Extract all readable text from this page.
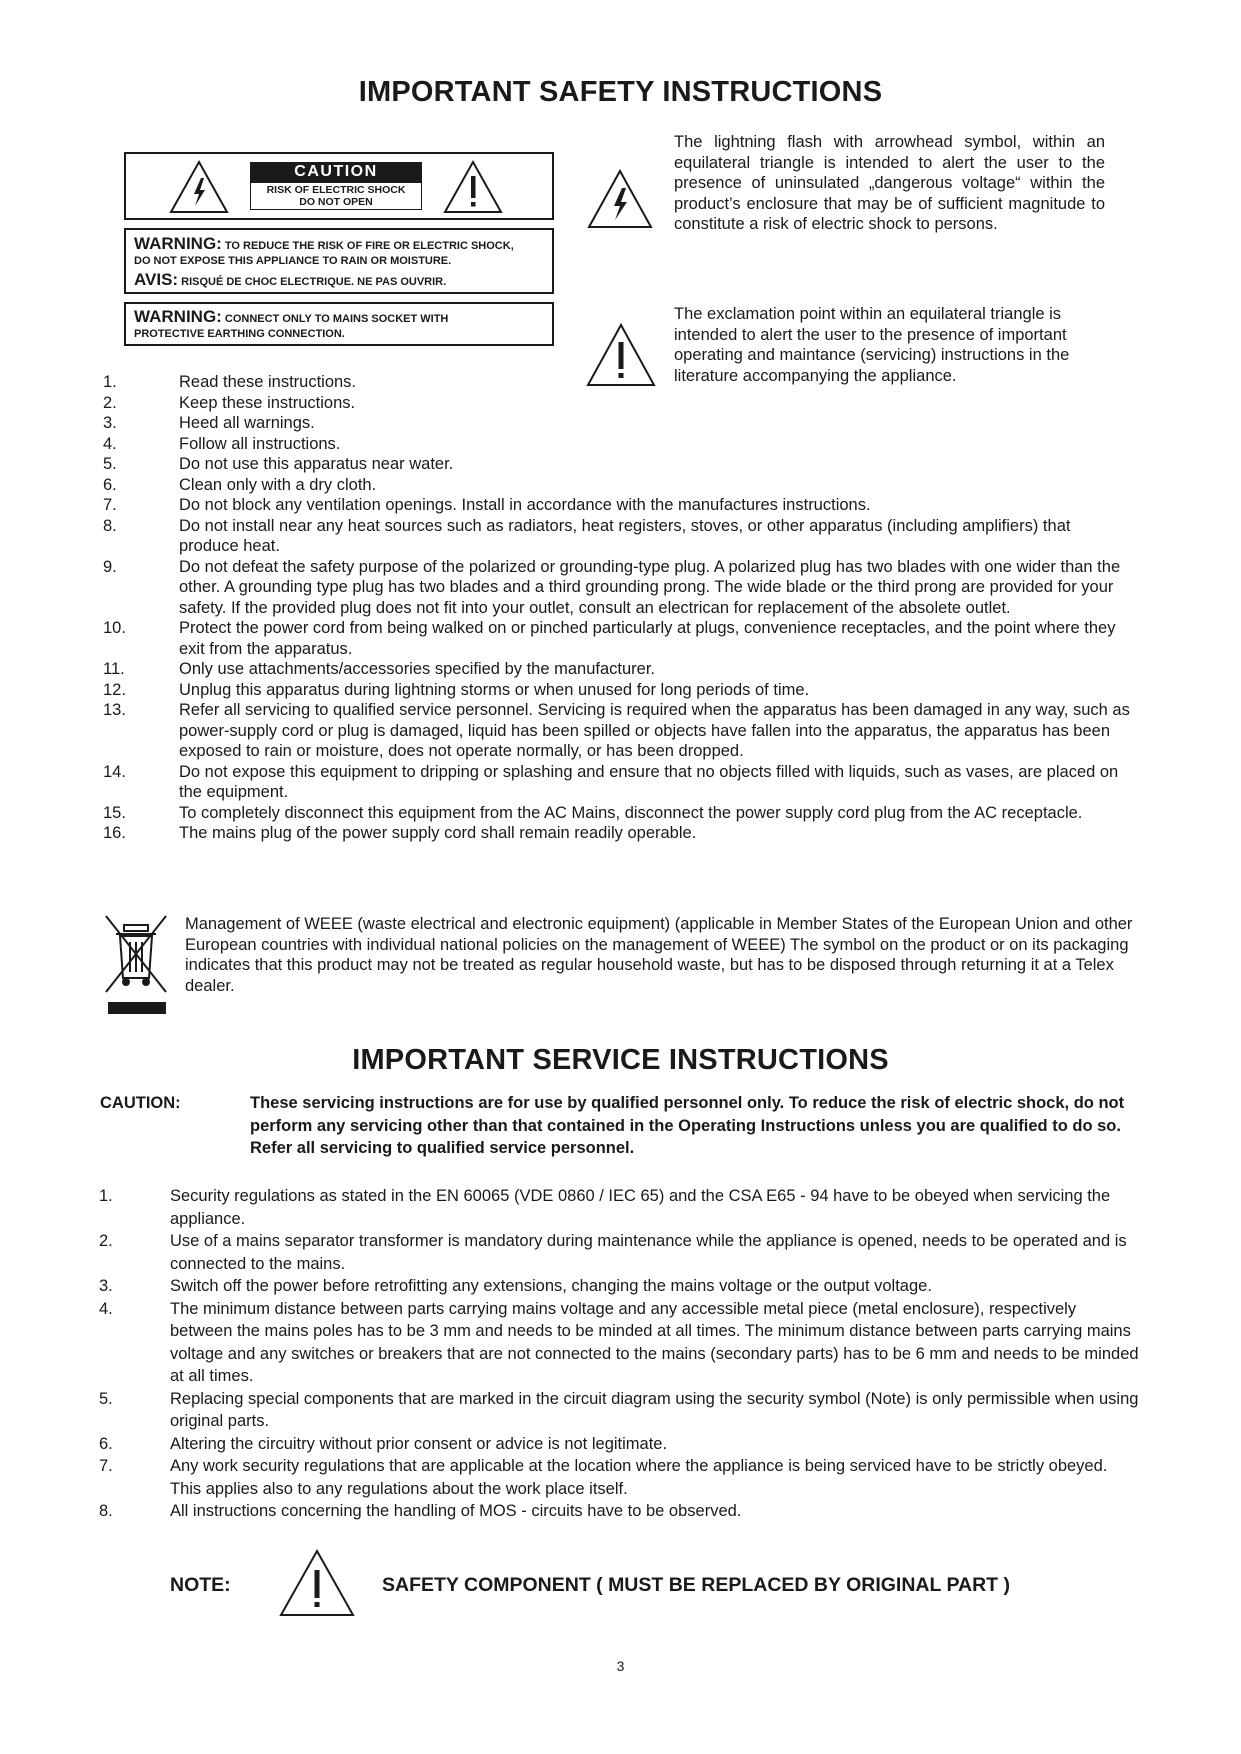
IMPORTANT SAFETY INSTRUCTIONS
CAUTION
RISK OF ELECTRIC SHOCK
DO NOT OPEN
WARNING: TO REDUCE THE RISK OF FIRE OR ELECTRIC SHOCK,
DO NOT EXPOSE THIS APPLIANCE TO RAIN OR MOISTURE.
AVIS: RISQUÉ DE CHOC ELECTRIQUE. NE PAS OUVRIR.
WARNING: CONNECT ONLY TO MAINS SOCKET WITH
PROTECTIVE EARTHING CONNECTION.
The lightning flash with arrowhead symbol, within an equilateral triangle is intended to alert the user to the presence of uninsulated „dangerous voltage“ within the product’s enclosure that may be of sufficient magnitude to constitute a risk of electric shock to persons.
The exclamation point within an equilateral triangle is intended to alert the user to the presence of important operating and maintance (servicing) instructions in the literature accompanying the appliance.
1.	Read these instructions.
2.	Keep these instructions.
3.	Heed all warnings.
4.	Follow all instructions.
5.	Do not use this apparatus near water.
6.	Clean only with a dry cloth.
7.	Do not block any ventilation openings. Install in accordance with the manufactures instructions.
8.	Do not install near any heat sources such as radiators, heat registers, stoves, or other apparatus (including amplifiers) that produce heat.
9.	Do not defeat the safety purpose of the polarized or grounding-type plug. A polarized plug has two blades with one wider than the other. A grounding type plug has two blades and a third grounding prong. The wide blade or the third prong are provided for your safety. If the provided plug does not fit into your outlet, consult an electrican for replacement of the absolete outlet.
10.	Protect the power cord from being walked on or pinched particularly at plugs, convenience receptacles, and the point where they exit from the apparatus.
11.	Only use attachments/accessories specified by the manufacturer.
12.	Unplug this apparatus during lightning storms or when unused for long periods of time.
13.	Refer all servicing to qualified service personnel. Servicing is required when the apparatus has been damaged in any way, such as power-supply cord or plug is damaged, liquid has been spilled or objects have fallen into the apparatus, the apparatus has been exposed to rain or moisture, does not operate normally, or has been dropped.
14.	Do not expose this equipment to dripping or splashing and ensure that no objects filled with liquids, such as vases, are placed on the equipment.
15.	To completely disconnect this equipment from the AC Mains, disconnect the power supply cord plug from the AC receptacle.
16.	The mains plug of the power supply cord shall remain readily operable.
Management of WEEE (waste electrical and electronic equipment) (applicable in Member States of the European Union and other European countries with individual national policies on the management of WEEE) The symbol on the product or on its packaging indicates that this product may not be treated as regular household waste, but has to be disposed through returning it at a Telex dealer.
IMPORTANT SERVICE INSTRUCTIONS
CAUTION:	These servicing instructions are for use by qualified personnel only. To reduce the risk of electric shock, do not perform any servicing other than that contained in the Operating Instructions unless you are qualified to do so. Refer all servicing to qualified service personnel.
1.	Security regulations as stated in the EN 60065 (VDE 0860 / IEC 65) and the CSA E65 - 94 have to be obeyed when servicing the appliance.
2.	Use of a mains separator transformer is mandatory during maintenance while the appliance is opened, needs to be operated and is connected to the mains.
3.	Switch off the power before retrofitting any extensions, changing the mains voltage or the output voltage.
4.	The minimum distance between parts carrying mains voltage and any accessible metal piece (metal enclosure), respectively between the mains poles has to be 3 mm and needs to be minded at all times. The minimum distance between parts carrying mains voltage and any switches or breakers that are not connected to the mains (secondary parts) has to be 6 mm and needs to be minded at all times.
5.	Replacing special components that are marked in the circuit diagram using the security symbol (Note) is only permissible when using original parts.
6.	Altering the circuitry without prior consent or advice is not legitimate.
7.	Any work security regulations that are applicable at the location where the appliance is being serviced have to be strictly obeyed. This applies also to any regulations about the work place itself.
8.	All instructions concerning the handling of MOS - circuits have to be observed.
NOTE:	SAFETY COMPONENT ( MUST BE REPLACED BY ORIGINAL PART )
3
